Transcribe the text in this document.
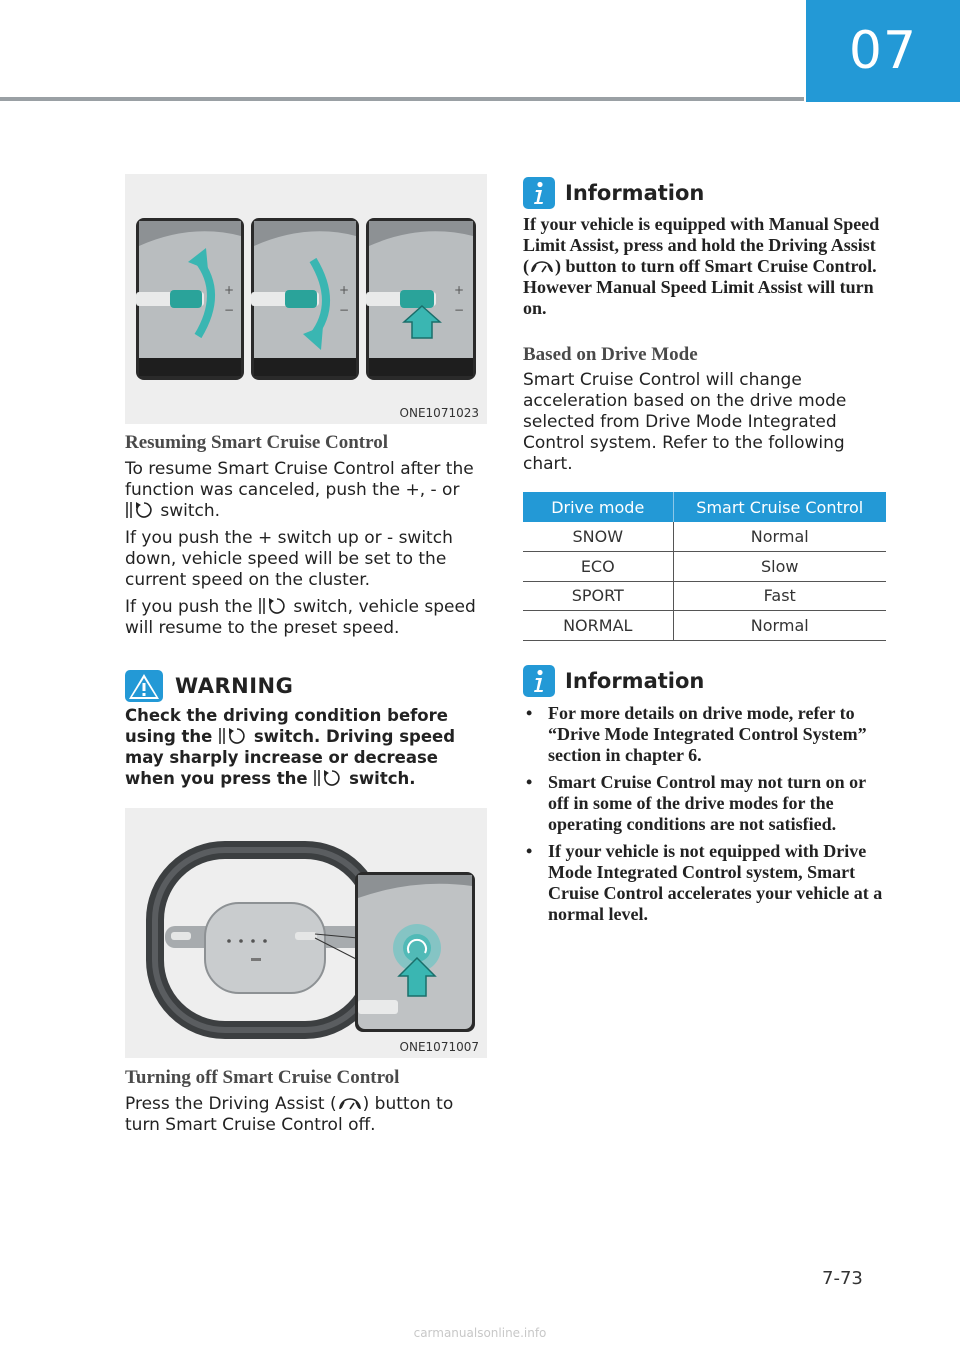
07
+
−
+
−
+
−
ONE1071023
Resuming Smart Cruise Control
To resume Smart Cruise Control after the function was canceled, push the +, - or  switch.
If you push the + switch up or - switch down, vehicle speed will be set to the current speed on the cluster.
If you push the switch, vehicle speed will resume to the preset speed.
WARNING
Check the driving condition before using the	switch. Driving speed may sharply increase or decrease when you press the	switch.
ONE1071007
Turning off Smart Cruise Control
Press the Driving Assist ( ) button to turn Smart Cruise Control off.
Information
If your vehicle is equipped with Manual Speed Limit Assist, press and hold the Driving Assist ( ) button to turn off Smart Cruise Control. However Manual Speed Limit Assist will turn on.
Based on Drive Mode
Smart Cruise Control will change acceleration based on the drive mode selected from Drive Mode Integrated Control system. Refer to the following chart.
Drive mode	Smart Cruise Control
SNOW	Normal
ECO	Slow
SPORT	Fast
NORMAL	Normal
Information
• For more details on drive mode, refer to “Drive Mode Integrated Control System” section in chapter 6.
• Smart Cruise Control may not turn on or off in some of the drive modes for the operating conditions are not satisfied.
• If your vehicle is not equipped with Drive Mode Integrated Control system, Smart Cruise Control accelerates your vehicle at a normal level.
7-73
carmanualsonline.info
